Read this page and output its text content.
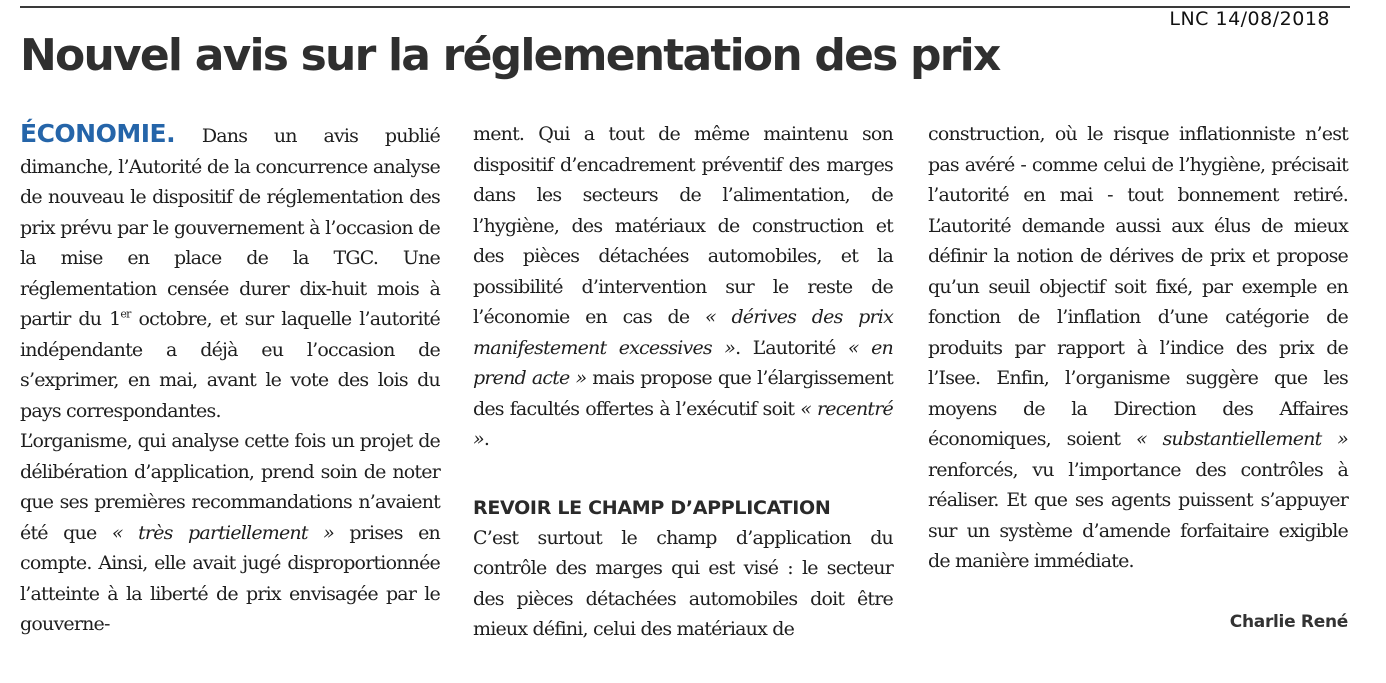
LNC 14/08/2018
Nouvel avis sur la réglementation des prix

ÉCONOMIE. Dans un avis publié dimanche, l’Autorité de la concurrence analyse de nouveau le dispositif de réglementation des prix prévu par le gouvernement à l’occasion de la mise en place de la TGC. Une réglementation censée durer dix-huit mois à partir du 1er octobre, et sur laquelle l’autorité indépendante a déjà eu l’occasion de s’exprimer, en mai, avant le vote des lois du pays correspondantes.

L’organisme, qui analyse cette fois un projet de délibération d’application, prend soin de noter que ses premières recommandations n’avaient été que « très partiellement » prises en compte. Ainsi, elle avait jugé disproportionnée l’atteinte à la liberté de prix envisagée par le gouverne-

ment. Qui a tout de même maintenu son dispositif d’encadrement préventif des marges dans les secteurs de l’alimentation, de l’hygiène, des matériaux de construction et des pièces détachées automobiles, et la possibilité d’intervention sur le reste de l’économie en cas de « dérives des prix manifestement excessives ». L’autorité « en prend acte » mais propose que l’élargissement des facultés offertes à l’exécutif soit « recentré ».

REVOIR LE CHAMP D’APPLICATION

C’est surtout le champ d’application du contrôle des marges qui est visé : le secteur des pièces détachées automobiles doit être mieux défini, celui des matériaux de

construction, où le risque inflationniste n’est pas avéré - comme celui de l’hygiène, précisait l’autorité en mai - tout bonnement retiré. L’autorité demande aussi aux élus de mieux définir la notion de dérives de prix et propose qu’un seuil objectif soit fixé, par exemple en fonction de l’inflation d’une catégorie de produits par rapport à l’indice des prix de l’Isee. Enfin, l’organisme suggère que les moyens de la Direction des Affaires économiques, soient « substantiellement » renforcés, vu l’importance des contrôles à réaliser. Et que ses agents puissent s’appuyer sur un système d’amende forfaitaire exigible de manière immédiate.

Charlie René
